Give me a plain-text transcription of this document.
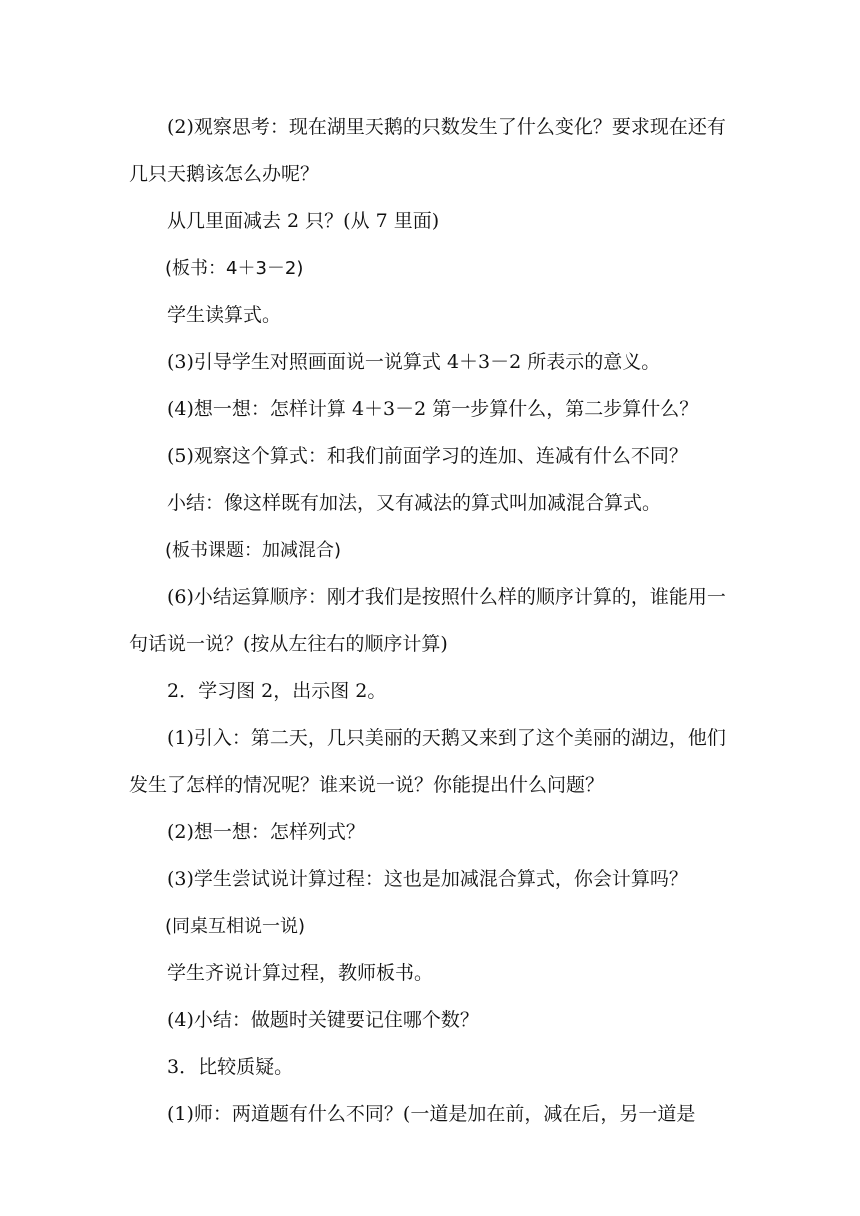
(2)观察思考：现在湖里天鹅的只数发生了什么变化？要求现在还有几只天鹅该怎么办呢？

从几里面减去 2 只？(从 7 里面)

(板书：4＋3－2)

学生读算式。

(3)引导学生对照画面说一说算式 4＋3－2 所表示的意义。

(4)想一想：怎样计算 4＋3－2 第一步算什么，第二步算什么？

(5)观察这个算式：和我们前面学习的连加、连减有什么不同？

小结：像这样既有加法，又有减法的算式叫加减混合算式。

(板书课题：加减混合)

(6)小结运算顺序：刚才我们是按照什么样的顺序计算的，谁能用一句话说一说？(按从左往右的顺序计算)

2．学习图 2，出示图 2。

(1)引入：第二天，几只美丽的天鹅又来到了这个美丽的湖边，他们发生了怎样的情况呢？谁来说一说？你能提出什么问题？

(2)想一想：怎样列式？

(3)学生尝试说计算过程：这也是加减混合算式，你会计算吗？

(同桌互相说一说)

学生齐说计算过程，教师板书。

(4)小结：做题时关键要记住哪个数？

3．比较质疑。

(1)师：两道题有什么不同？(一道是加在前，减在后，另一道是
